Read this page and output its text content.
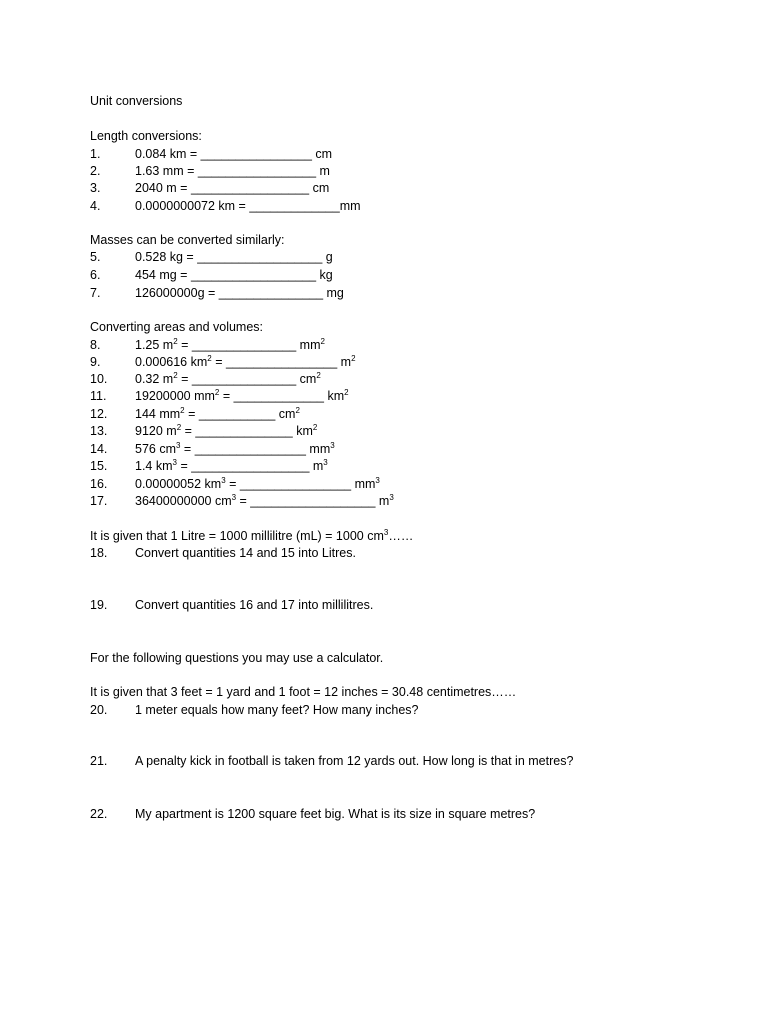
Unit conversions
Length conversions:
1.	0.084 km = ________________ cm
2.	1.63 mm = _________________ m
3.	2040 m = _________________ cm
4.	0.0000000072 km = _____________mm
Masses can be converted similarly:
5.	0.528 kg = __________________ g
6.	454 mg = __________________ kg
7.	126000000g = _______________ mg
Converting areas and volumes:
8.	1.25 $m^2$ = _______________ $mm^2$
9.	0.000616 $km^2$ = ________________ $m^2$
10. 0.32 $m^2$ = _______________ $cm^2$
11. 19200000 $mm^2$ = _____________ $km^2$
12. 144 $mm^2$ = ___________ $cm^2$
13. 9120 $m^2$ = ______________ $km^2$
14. 576 $cm^3$ = ________________ $mm^3$
15. 1.4 $km^3$ = _________________ $m^3$
16. 0.00000052 $km^3$ = ________________ $mm^3$
17. 36400000000 $cm^3$ = __________________ $m^3$
It is given that 1 Litre = 1000 millilitre (mL) = 1000 $cm^3\dots\dots$
18. Convert quantities 14 and 15 into Litres.
19. Convert quantities 16 and 17 into millilitres.
For the following questions you may use a calculator.
It is given that 3 feet = 1 yard and 1 foot = 12 inches = 30.48 centimetres……
20. 1 meter equals how many feet? How many inches?
21. A penalty kick in football is taken from 12 yards out. How long is that in metres?
22. My apartment is 1200 square feet big. What is its size in square metres?
